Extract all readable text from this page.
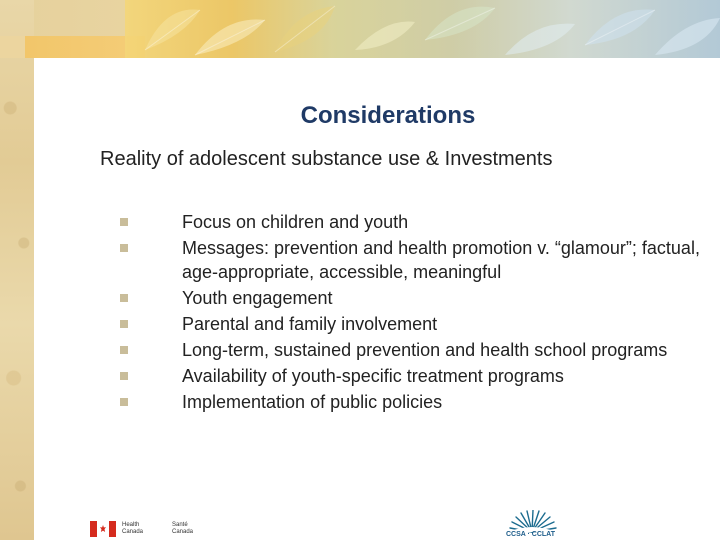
Considerations

Reality of adolescent substance use & Investments

Focus on children and youth
Messages: prevention and health promotion v. “glamour”; factual, age-appropriate, accessible, meaningful
Youth engagement
Parental and family involvement
Long-term, sustained prevention and health school programs
Availability of youth-specific treatment programs
Implementation of public policies
Health
Canada
Santé
Canada	CCSA · CCLAT
